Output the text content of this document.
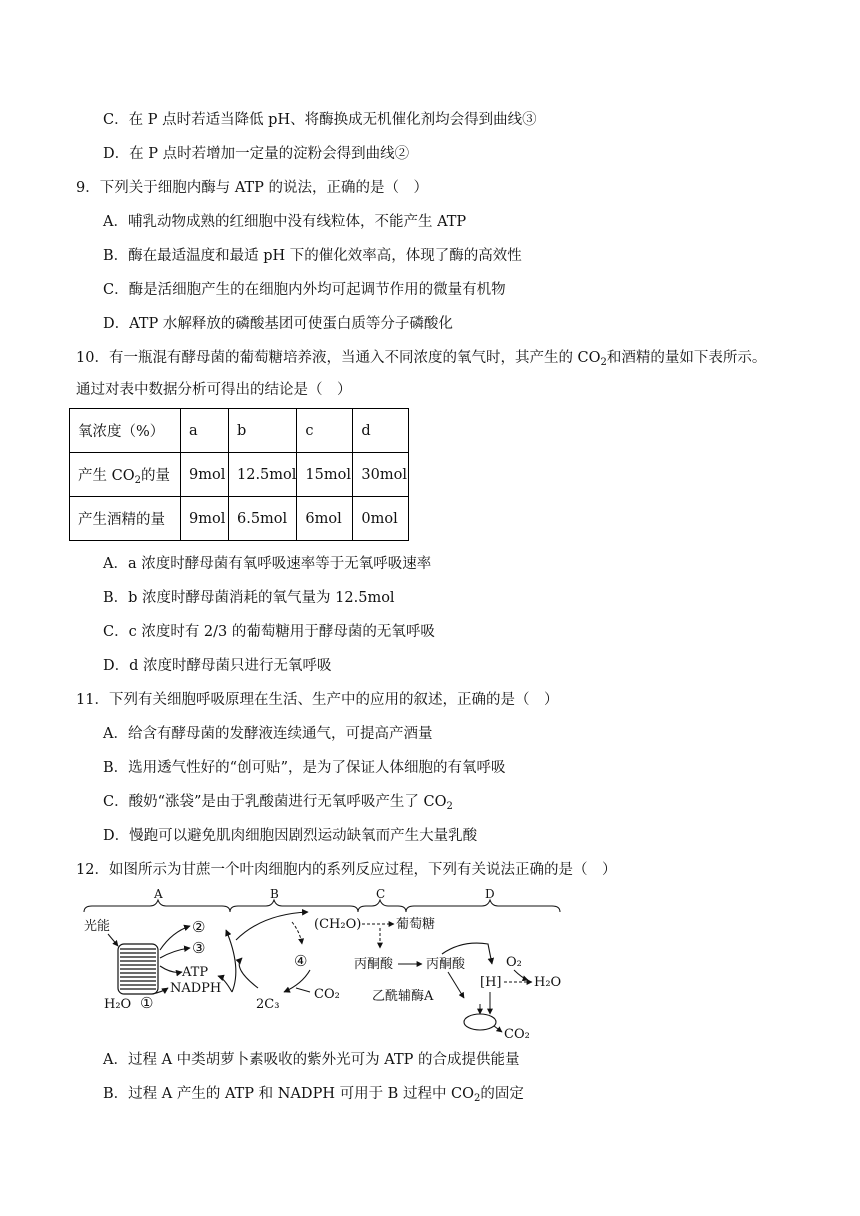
C．在 P 点时若适当降低 pH、将酶换成无机催化剂均会得到曲线③
D．在 P 点时若增加一定量的淀粉会得到曲线②
9．下列关于细胞内酶与 ATP 的说法，正确的是（　）
A．哺乳动物成熟的红细胞中没有线粒体，不能产生 ATP
B．酶在最适温度和最适 pH 下的催化效率高，体现了酶的高效性
C．酶是活细胞产生的在细胞内外均可起调节作用的微量有机物
D．ATP 水解释放的磷酸基团可使蛋白质等分子磷酸化
10．有一瓶混有酵母菌的葡萄糖培养液，当通入不同浓度的氧气时，其产生的 $CO_2$和酒精的量如下表所示。
通过对表中数据分析可得出的结论是（　）
氧浓度（%）	a	b	c	d
产生 $CO_2$的量	9mol	12.5mol	15mol	30mol
产生酒精的量	9mol	6.5mol	6mol	0mol
A．a 浓度时酵母菌有氧呼吸速率等于无氧呼吸速率
B．b 浓度时酵母菌消耗的氧气量为 12.5mol
C．c 浓度时有 2/3 的葡萄糖用于酵母菌的无氧呼吸
D．d 浓度时酵母菌只进行无氧呼吸
11．下列有关细胞呼吸原理在生活、生产中的应用的叙述，正确的是（　）
A．给含有酵母菌的发酵液连续通气，可提高产酒量
B．选用透气性好的“创可贴”，是为了保证人体细胞的有氧呼吸
C．酸奶“涨袋”是由于乳酸菌进行无氧呼吸产生了 $CO_2$
D．慢跑可以避免肌肉细胞因剧烈运动缺氧而产生大量乳酸
12．如图所示为甘蔗一个叶肉细胞内的系列反应过程，下列有关说法正确的是（　）
A	B	C	D
光能	②
③
ATP
NADPH
H₂O ①
④
CO₂
2C₃
(CH₂O)	葡萄糖
丙酮酸	丙酮酸
[H]	H₂O
O₂
乙酰辅酶A
CO₂
A．过程 A 中类胡萝卜素吸收的紫外光可为 ATP 的合成提供能量
B．过程 A 产生的 ATP 和 NADPH 可用于 B 过程中 $CO_2$的固定
